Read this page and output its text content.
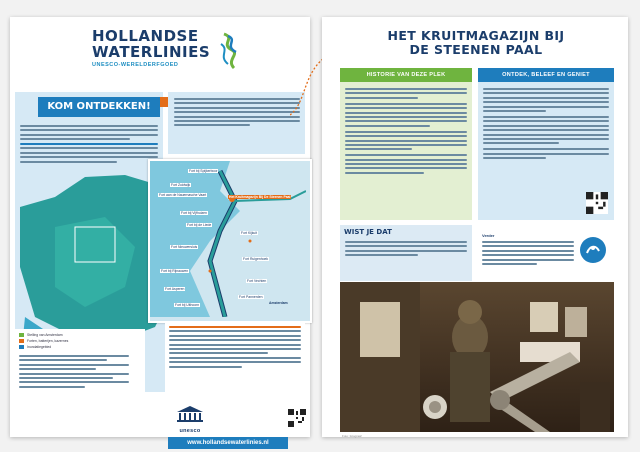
HOLLANDSE
WATERLINIES
UNESCO-WERELDERFGOED
KOM ONTDEKKEN!
Fort bij Spijkerboor
Fort Zuidwijk
Fort aan de Nauernasche Vaart	Het Kruitmagazijn Bij De Steenen Paal
Fort bij Vijfhuizen
Fort bij de Liede
Fort Kijkuit
Fort Nieuwersluis
Fort Ruigenhoek
Fort bij Rijnauwen
Fort Vechten
Fort Asperen
Fort Pannerden
Fort bij Uithoorn	Amsterdam
Stelling van Amsterdam
Forten, batterijen, kazernes
Inundatiegebied
unesco
www.hollandsewaterlinies.nl
HET KRUITMAGAZIJN BIJ
DE STEENEN PAAL
HISTORIE VAN DEZE PLEK	ONTDEK, BELEEF EN GENIET
WIST JE DAT	Verder
Foto: fotograaf
